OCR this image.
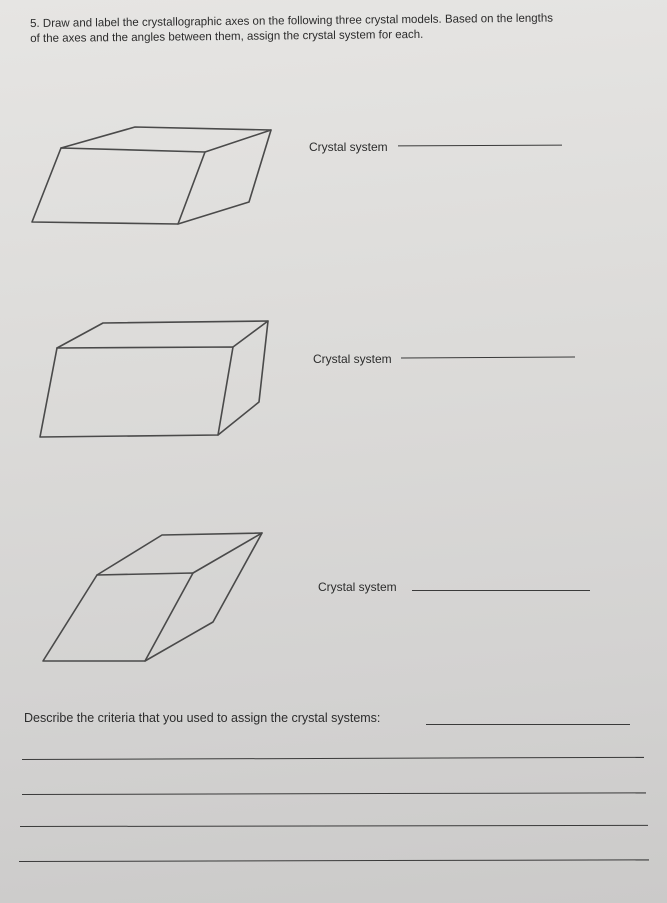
5. Draw and label the crystallographic axes on the following three crystal models. Based on the lengths
of the axes and the angles between them, assign the crystal system for each.

Crystal system
Crystal system
Crystal system
Describe the criteria that you used to assign the crystal systems:
